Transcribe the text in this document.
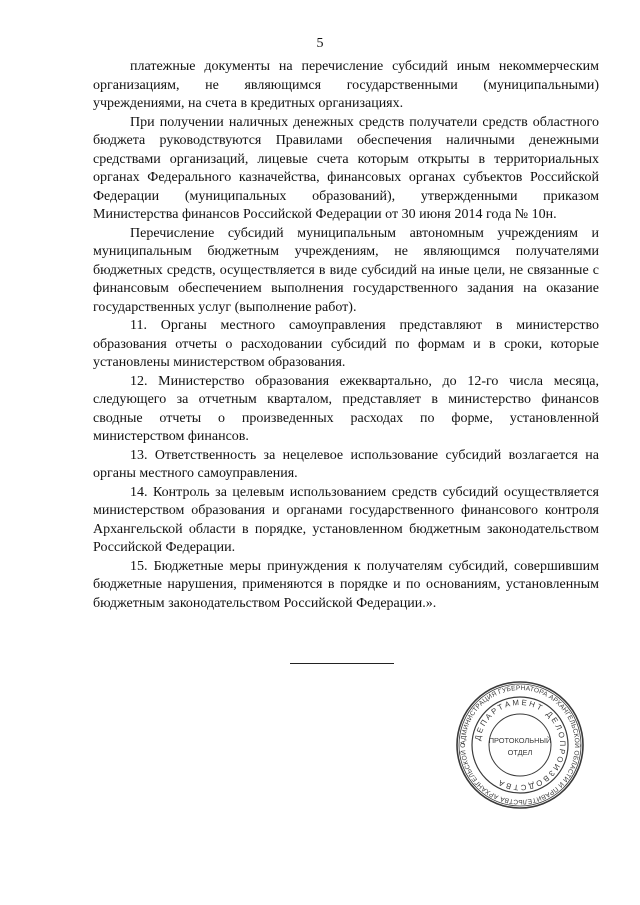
5

платежные документы на перечисление субсидий иным некоммерческим организациям, не являющимся государственными (муниципальными) учреждениями, на счета в кредитных организациях.

При получении наличных денежных средств получатели средств областного бюджета руководствуются Правилами обеспечения наличными денежными средствами организаций, лицевые счета которым открыты в территориальных органах Федерального казначейства, финансовых органах субъектов Российской Федерации (муниципальных образований), утвержденными приказом Министерства финансов Российской Федерации от 30 июня 2014 года № 10н.

Перечисление субсидий муниципальным автономным учреждениям и муниципальным бюджетным учреждениям, не являющимся получателями бюджетных средств, осуществляется в виде субсидий на иные цели, не связанные с финансовым обеспечением выполнения государственного задания на оказание государственных услуг (выполнение работ).

11. Органы местного самоуправления представляют в министерство образования отчеты о расходовании субсидий по формам и в сроки, которые установлены министерством образования.

12. Министерство образования ежеквартально, до 12-го числа месяца, следующего за отчетным кварталом, представляет в министерство финансов сводные отчеты о произведенных расходах по форме, установленной министерством финансов.

13. Ответственность за нецелевое использование субсидий возлагается на органы местного самоуправления.

14. Контроль за целевым использованием средств субсидий осуществляется министерством образования и органами государственного финансового контроля Архангельской области в порядке, установленном бюджетным законодательством Российской Федерации.

15. Бюджетные меры принуждения к получателям субсидий, совершившим бюджетные нарушения, применяются в порядке и по основаниям, установленным бюджетным законодательством Российской Федерации.».

АДМИНИСТРАЦИЯ ГУБЕРНАТОРА АРХАНГЕЛЬСКОЙ ОБЛАСТИ И ПРАВИТЕЛЬСТВА АРХАНГЕЛЬСКОЙ О
ДЕПАРТАМЕНТ ДЕЛОПРОИЗВОДСТВА
ПРОТОКОЛЬНЫЙ
ОТДЕЛ
